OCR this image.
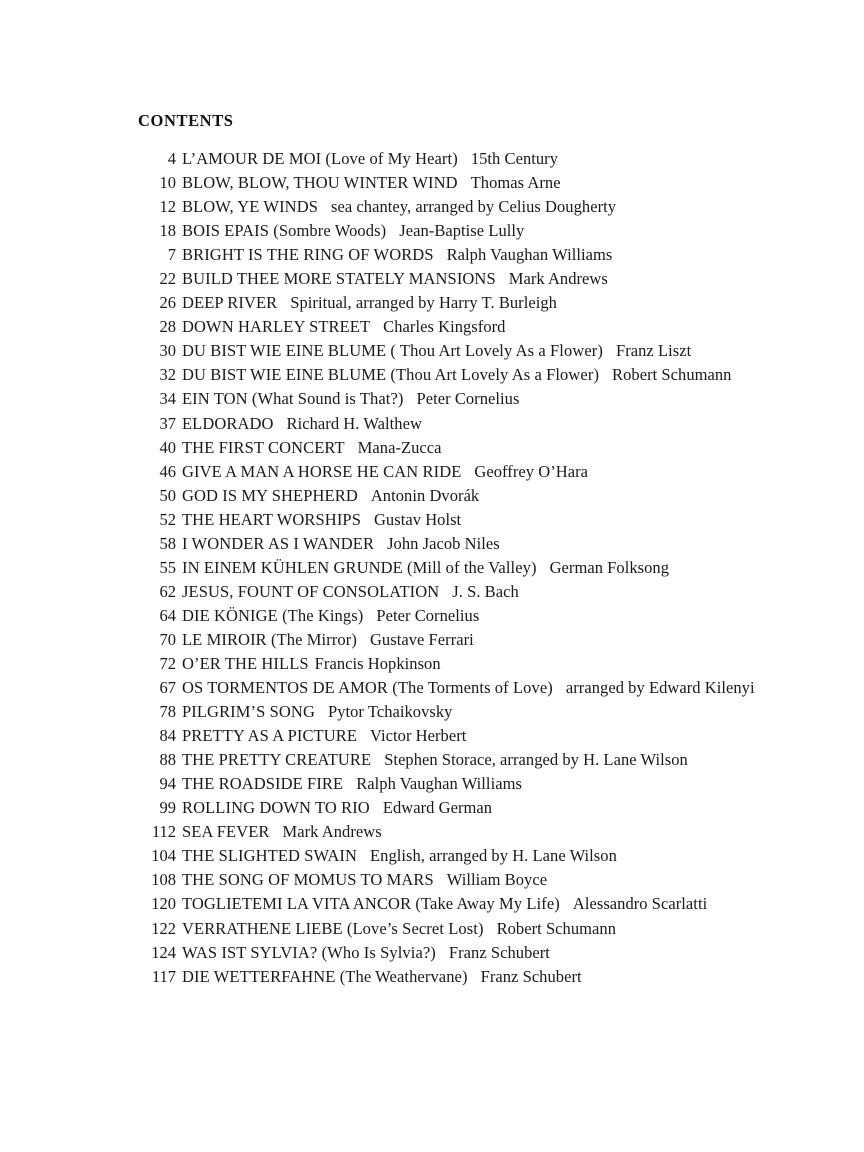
CONTENTS
4 L’AMOUR DE MOI (Love of My Heart) 15th Century
10 BLOW, BLOW, THOU WINTER WIND Thomas Arne
12 BLOW, YE WINDS sea chantey, arranged by Celius Dougherty
18 BOIS EPAIS (Sombre Woods) Jean-Baptise Lully
7 BRIGHT IS THE RING OF WORDS Ralph Vaughan Williams
22 BUILD THEE MORE STATELY MANSIONS Mark Andrews
26 DEEP RIVER Spiritual, arranged by Harry T. Burleigh
28 DOWN HARLEY STREET Charles Kingsford
30 DU BIST WIE EINE BLUME ( Thou Art Lovely As a Flower) Franz Liszt
32 DU BIST WIE EINE BLUME (Thou Art Lovely As a Flower) Robert Schumann
34 EIN TON (What Sound is That?) Peter Cornelius
37 ELDORADO Richard H. Walthew
40 THE FIRST CONCERT Mana-Zucca
46 GIVE A MAN A HORSE HE CAN RIDE Geoffrey O’Hara
50 GOD IS MY SHEPHERD Antonin Dvorák
52 THE HEART WORSHIPS Gustav Holst
58 I WONDER AS I WANDER John Jacob Niles
55 IN EINEM KÜHLEN GRUNDE (Mill of the Valley) German Folksong
62 JESUS, FOUNT OF CONSOLATION J. S. Bach
64 DIE KÖNIGE (The Kings) Peter Cornelius
70 LE MIROIR (The Mirror) Gustave Ferrari
72 O’ER THE HILLS Francis Hopkinson
67 OS TORMENTOS DE AMOR (The Torments of Love) arranged by Edward Kilenyi
78 PILGRIM’S SONG Pytor Tchaikovsky
84 PRETTY AS A PICTURE Victor Herbert
88 THE PRETTY CREATURE Stephen Storace, arranged by H. Lane Wilson
94 THE ROADSIDE FIRE Ralph Vaughan Williams
99 ROLLING DOWN TO RIO Edward German
112 SEA FEVER Mark Andrews
104 THE SLIGHTED SWAIN English, arranged by H. Lane Wilson
108 THE SONG OF MOMUS TO MARS William Boyce
120 TOGLIETEMI LA VITA ANCOR (Take Away My Life) Alessandro Scarlatti
122 VERRATHENE LIEBE (Love’s Secret Lost) Robert Schumann
124 WAS IST SYLVIA? (Who Is Sylvia?) Franz Schubert
117 DIE WETTERFAHNE (The Weathervane) Franz Schubert
